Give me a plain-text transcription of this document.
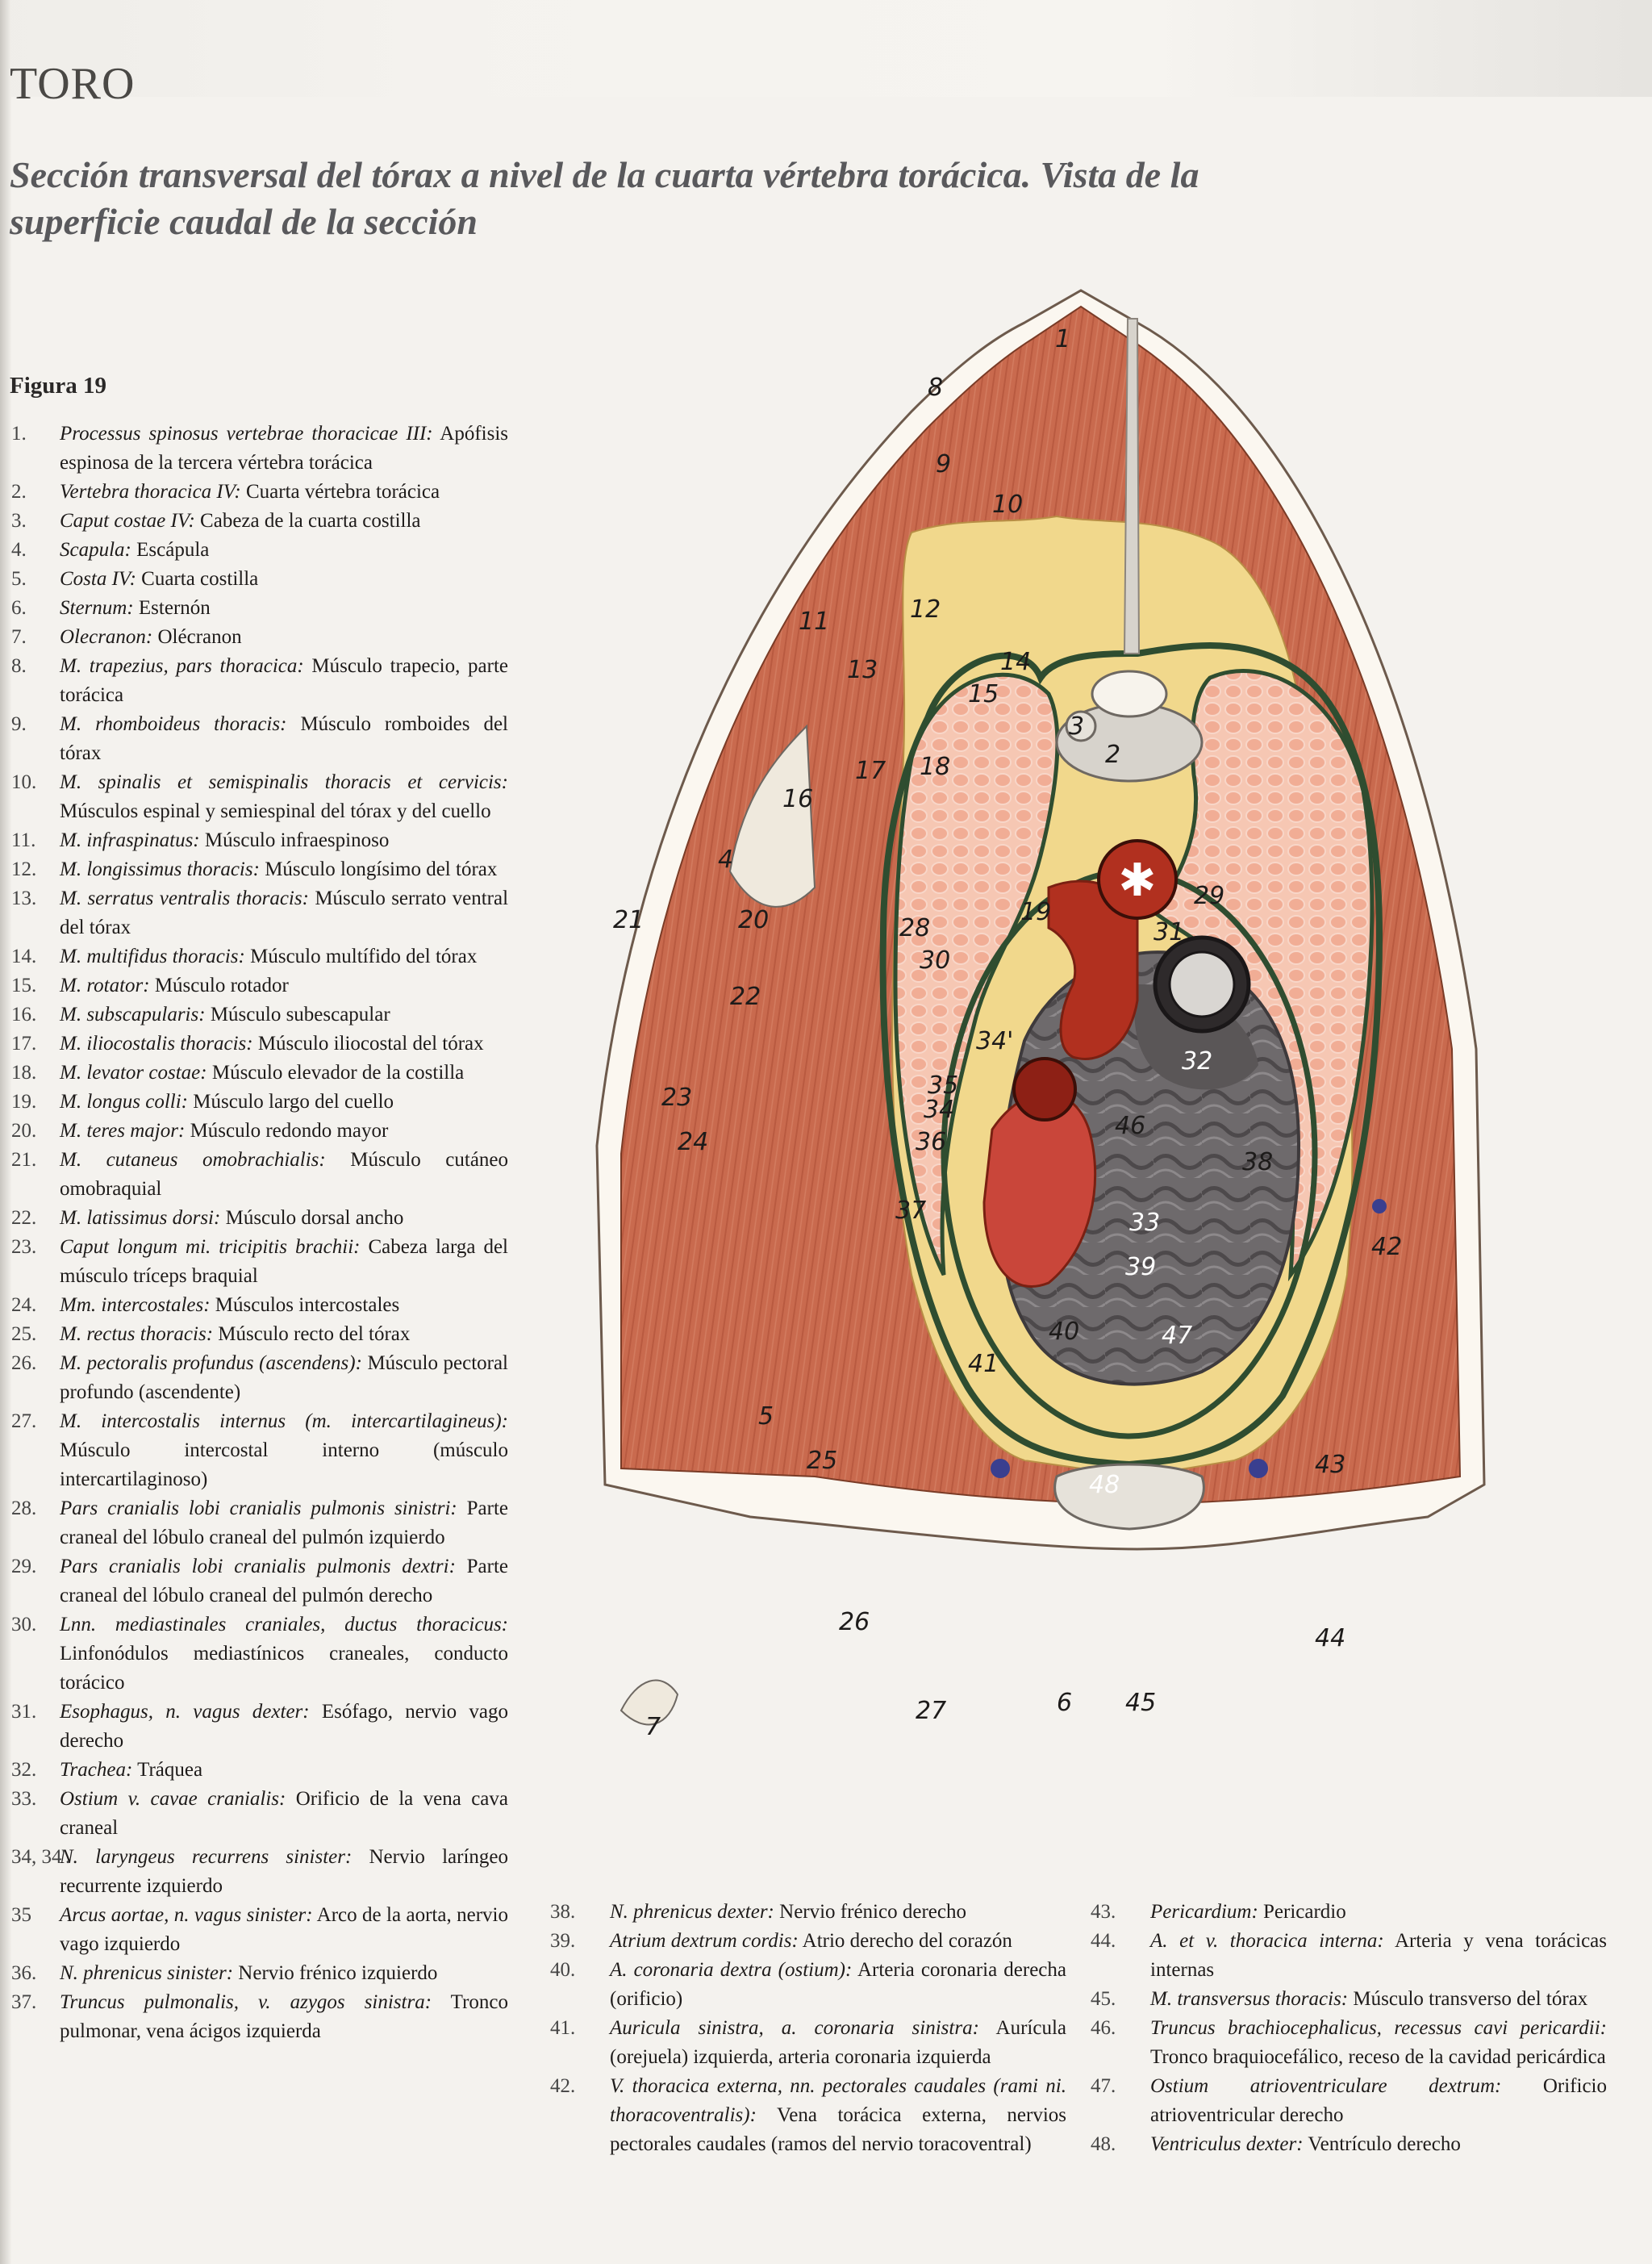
TORO
Sección transversal del tórax a nivel de la cuarta vértebra torácica. Vista de la superficie caudal de la sección
Figura 19
1. Processus spinosus vertebrae thoracicae III: Apófisis espinosa de la tercera vértebra torácica
2. Vertebra thoracica IV: Cuarta vértebra torácica
3. Caput costae IV: Cabeza de la cuarta costilla
4. Scapula: Escápula
5. Costa IV: Cuarta costilla
6. Sternum: Esternón
7. Olecranon: Olécranon
8. M. trapezius, pars thoracica: Músculo trapecio, parte torácica
9. M. rhomboideus thoracis: Músculo romboides del tórax
10. M. spinalis et semispinalis thoracis et cervicis: Músculos espinal y semiespinal del tórax y del cuello
11. M. infraspinatus: Músculo infraespinoso
12. M. longissimus thoracis: Músculo longísimo del tórax
13. M. serratus ventralis thoracis: Músculo serrato ventral del tórax
14. M. multifidus thoracis: Músculo multífido del tórax
15. M. rotator: Músculo rotador
16. M. subscapularis: Músculo subescapular
17. M. iliocostalis thoracis: Músculo iliocostal del tórax
18. M. levator costae: Músculo elevador de la costilla
19. M. longus colli: Músculo largo del cuello
20. M. teres major: Músculo redondo mayor
21. M. cutaneus omobrachialis: Músculo cutáneo omobraquial
22. M. latissimus dorsi: Músculo dorsal ancho
23. Caput longum mi. tricipitis brachii: Cabeza larga del músculo tríceps braquial
24. Mm. intercostales: Músculos intercostales
25. M. rectus thoracis: Músculo recto del tórax
26. M. pectoralis profundus (ascendens): Músculo pectoral profundo (ascendente)
27. M. intercostalis internus (m. intercartilagineus): Músculo intercostal interno (músculo intercartilaginoso)
28. Pars cranialis lobi cranialis pulmonis sinistri: Parte craneal del lóbulo craneal del pulmón izquierdo
29. Pars cranialis lobi cranialis pulmonis dextri: Parte craneal del lóbulo craneal del pulmón derecho
30. Lnn. mediastinales craniales, ductus thoracicus: Linfonódulos mediastínicos craneales, conducto torácico
31. Esophagus, n. vagus dexter: Esófago, nervio vago derecho
32. Trachea: Tráquea
33. Ostium v. cavae cranialis: Orificio de la vena cava craneal
34, 34'.
N. laryngeus recurrens sinister: Nervio laríngeo recurrente izquierdo
35 Arcus aortae, n. vagus sinister: Arco de la aorta, nervio vago izquierdo
36. N. phrenicus sinister: Nervio frénico izquierdo
37. Truncus pulmonalis, v. azygos sinistra: Tronco pulmonar, vena ácigos izquierda
38. N. phrenicus dexter: Nervio frénico derecho
39. Atrium dextrum cordis: Atrio derecho del corazón
40. A. coronaria dextra (ostium): Arteria coronaria derecha (orificio)
41. Auricula sinistra, a. coronaria sinistra: Aurícula (orejuela) izquierda, arteria coronaria izquierda
42. V. thoracica externa, nn. pectorales caudales (rami ni. thoracoventralis): Vena torácica externa, nervios pectorales caudales (ramos del nervio toracoventral)
43. Pericardium: Pericardio
44. A. et v. thoracica interna: Arteria y vena torácicas internas
45. M. transversus thoracis: Músculo transverso del tórax
46. Truncus brachiocephalicus, recessus cavi pericardii: Tronco braquiocefálico, receso de la cavidad pericárdica
47. Ostium atrioventriculare dextrum: Orificio atrioventricular derecho
48. Ventriculus dexter: Ventrículo derecho
✱
1
2
3
4
5
6
7
8
9
10
11	12
13	14
15
16
17 18
19
20
21
22
23
24
25
26
27
28
29
30
31
32
33
34
34'
35
36
37
38
39
40
41
42
43
44
45
46
47
48
